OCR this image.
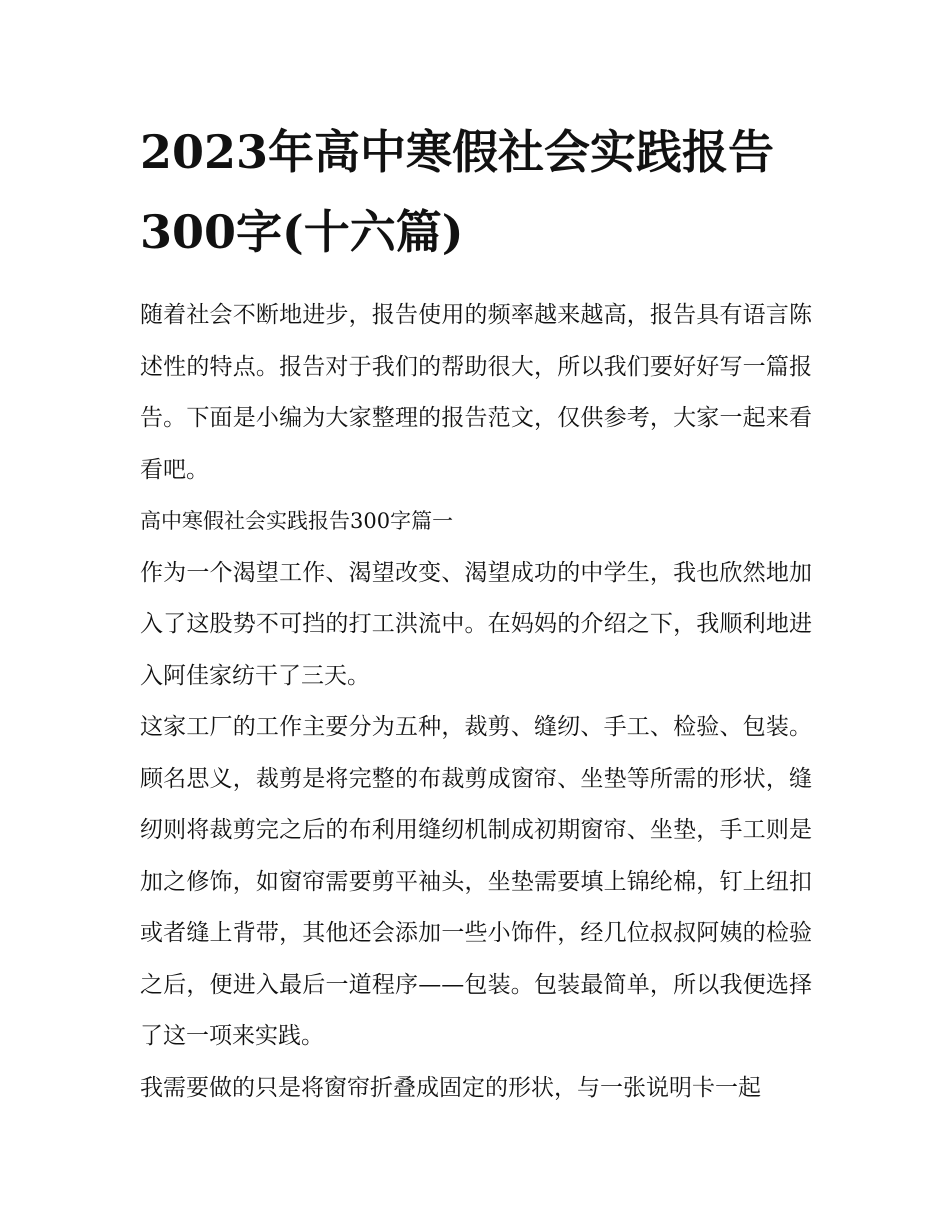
2023年高中寒假社会实践报告300字(十六篇)

随着社会不断地进步，报告使用的频率越来越高，报告具有语言陈述性的特点。报告对于我们的帮助很大，所以我们要好好写一篇报告。下面是小编为大家整理的报告范文，仅供参考，大家一起来看看吧。

高中寒假社会实践报告300字篇一

作为一个渴望工作、渴望改变、渴望成功的中学生，我也欣然地加入了这股势不可挡的打工洪流中。在妈妈的介绍之下，我顺利地进入阿佳家纺干了三天。

这家工厂的工作主要分为五种，裁剪、缝纫、手工、检验、包装。顾名思义，裁剪是将完整的布裁剪成窗帘、坐垫等所需的形状，缝纫则将裁剪完之后的布利用缝纫机制成初期窗帘、坐垫，手工则是加之修饰，如窗帘需要剪平袖头，坐垫需要填上锦纶棉，钉上纽扣或者缝上背带，其他还会添加一些小饰件，经几位叔叔阿姨的检验之后，便进入最后一道程序——包装。包装最简单，所以我便选择了这一项来实践。

我需要做的只是将窗帘折叠成固定的形状，与一张说明卡一起
